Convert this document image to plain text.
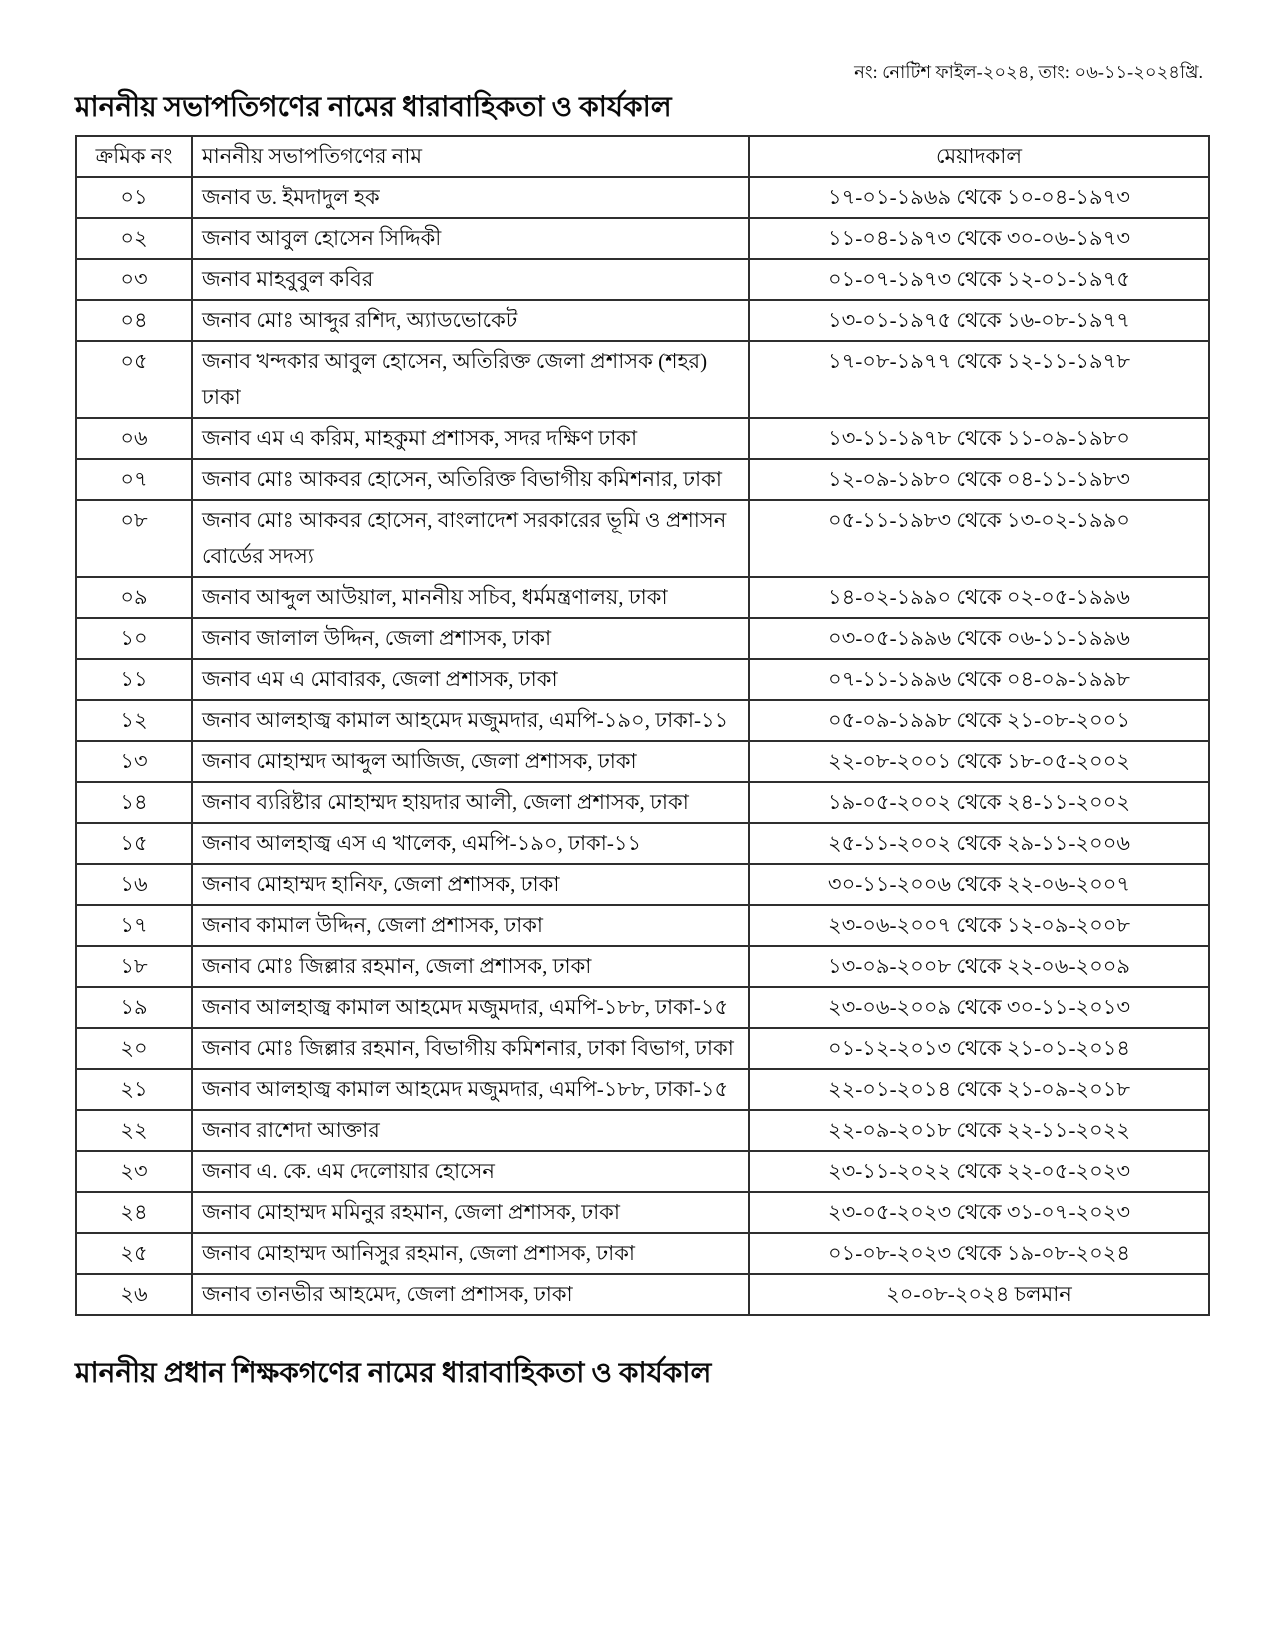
নং: নোটিশ ফাইল-২০২৪, তাং: ০৬-১১-২০২৪খ্রি.
মাননীয় সভাপতিগণের নামের ধারাবাহিকতা ও কার্যকাল
ক্রমিক নং	মাননীয় সভাপতিগণের নাম	মেয়াদকাল
০১	জনাব ড. ইমদাদুল হক	১৭-০১-১৯৬৯ থেকে ১০-০৪-১৯৭৩
০২	জনাব আবুল হোসেন সিদ্দিকী	১১-০৪-১৯৭৩ থেকে ৩০-০৬-১৯৭৩
০৩	জনাব মাহবুবুল কবির	০১-০৭-১৯৭৩ থেকে ১২-০১-১৯৭৫
০৪	জনাব মোঃ আব্দুর রশিদ, অ্যাডভোকেট	১৩-০১-১৯৭৫ থেকে ১৬-০৮-১৯৭৭
০৫	জনাব খন্দকার আবুল হোসেন, অতিরিক্ত জেলা প্রশাসক (শহর) ঢাকা	১৭-০৮-১৯৭৭ থেকে ১২-১১-১৯৭৮
০৬	জনাব এম এ করিম, মাহকুমা প্রশাসক, সদর দক্ষিণ ঢাকা	১৩-১১-১৯৭৮ থেকে ১১-০৯-১৯৮০
০৭	জনাব মোঃ আকবর হোসেন, অতিরিক্ত বিভাগীয় কমিশনার, ঢাকা	১২-০৯-১৯৮০ থেকে ০৪-১১-১৯৮৩
০৮	জনাব মোঃ আকবর হোসেন, বাংলাদেশ সরকারের ভূমি ও প্রশাসন বোর্ডের সদস্য	০৫-১১-১৯৮৩ থেকে ১৩-০২-১৯৯০
০৯	জনাব আব্দুল আউয়াল, মাননীয় সচিব, ধর্মমন্ত্রণালয়, ঢাকা	১৪-০২-১৯৯০ থেকে ০২-০৫-১৯৯৬
১০	জনাব জালাল উদ্দিন, জেলা প্রশাসক, ঢাকা	০৩-০৫-১৯৯৬ থেকে ০৬-১১-১৯৯৬
১১	জনাব এম এ মোবারক, জেলা প্রশাসক, ঢাকা	০৭-১১-১৯৯৬ থেকে ০৪-০৯-১৯৯৮
১২	জনাব আলহাজ্ব কামাল আহমেদ মজুমদার, এমপি-১৯০, ঢাকা-১১	০৫-০৯-১৯৯৮ থেকে ২১-০৮-২০০১
১৩	জনাব মোহাম্মদ আব্দুল আজিজ, জেলা প্রশাসক, ঢাকা	২২-০৮-২০০১ থেকে ১৮-০৫-২০০২
১৪	জনাব ব্যরিষ্টার মোহাম্মদ হায়দার আলী, জেলা প্রশাসক, ঢাকা	১৯-০৫-২০০২ থেকে ২৪-১১-২০০২
১৫	জনাব আলহাজ্ব এস এ খালেক, এমপি-১৯০, ঢাকা-১১	২৫-১১-২০০২ থেকে ২৯-১১-২০০৬
১৬	জনাব মোহাম্মদ হানিফ, জেলা প্রশাসক, ঢাকা	৩০-১১-২০০৬ থেকে ২২-০৬-২০০৭
১৭	জনাব কামাল উদ্দিন, জেলা প্রশাসক, ঢাকা	২৩-০৬-২০০৭ থেকে ১২-০৯-২০০৮
১৮	জনাব মোঃ জিল্লার রহমান, জেলা প্রশাসক, ঢাকা	১৩-০৯-২০০৮ থেকে ২২-০৬-২০০৯
১৯	জনাব আলহাজ্ব কামাল আহমেদ মজুমদার, এমপি-১৮৮, ঢাকা-১৫	২৩-০৬-২০০৯ থেকে ৩০-১১-২০১৩
২০	জনাব মোঃ জিল্লার রহমান, বিভাগীয় কমিশনার, ঢাকা বিভাগ, ঢাকা	০১-১২-২০১৩ থেকে ২১-০১-২০১৪
২১	জনাব আলহাজ্ব কামাল আহমেদ মজুমদার, এমপি-১৮৮, ঢাকা-১৫	২২-০১-২০১৪ থেকে ২১-০৯-২০১৮
২২	জনাব রাশেদা আক্তার	২২-০৯-২০১৮ থেকে ২২-১১-২০২২
২৩	জনাব এ. কে. এম দেলোয়ার হোসেন	২৩-১১-২০২২ থেকে ২২-০৫-২০২৩
২৪	জনাব মোহাম্মদ মমিনুর রহমান, জেলা প্রশাসক, ঢাকা	২৩-০৫-২০২৩ থেকে ৩১-০৭-২০২৩
২৫	জনাব মোহাম্মদ আনিসুর রহমান, জেলা প্রশাসক, ঢাকা	০১-০৮-২০২৩ থেকে ১৯-০৮-২০২৪
২৬	জনাব তানভীর আহমেদ, জেলা প্রশাসক, ঢাকা	২০-০৮-২০২৪ চলমান
মাননীয় প্রধান শিক্ষকগণের নামের ধারাবাহিকতা ও কার্যকাল
